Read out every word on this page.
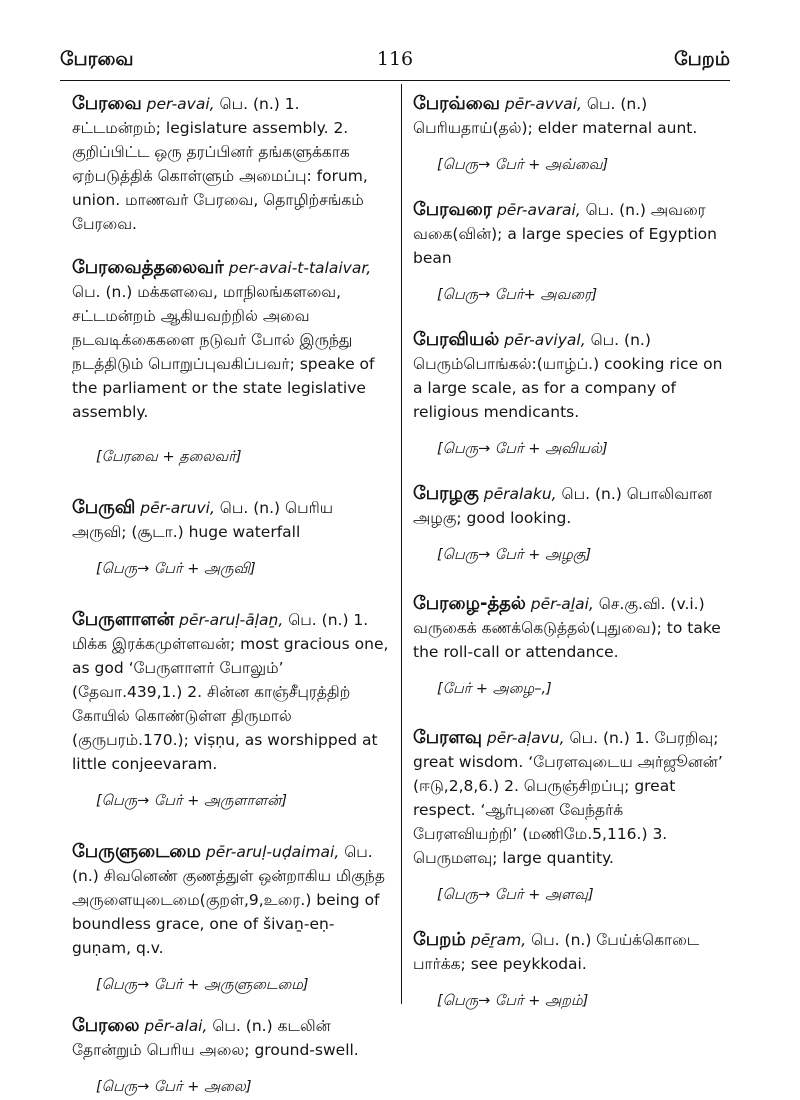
116
பேரவை	பேறம்

பேரவை per-avai, பெ. (n.) 1. சட்டமன்றம்; legislature assembly. 2. குறிப்பிட்ட ஒரு தரப்பினர் தங்களுக்காக ஏற்படுத்திக் கொள்ளும் அமைப்பு: forum, union. மாணவர் பேரவை, தொழிற்சங்கம் பேரவை.

பேரவைத்தலைவர் per-avai-t-talaivar, பெ. (n.) மக்களவை, மாநிலங்களவை, சட்டமன்றம் ஆகியவற்றில் அவை நடவடிக்கைகளை நடுவர் போல் இருந்து நடத்திடும் பொறுப்புவகிப்பவர்; speake of the parliament or the state legislative assembly.

[பேரவை + தலைவர்]

பேருவி pēr-aruvi, பெ. (n.) பெரிய அருவி; (சூடா.) huge waterfall

[பெரு→ பேர் + அருவி]

பேருளாளன் pēr-aruḷ-āḷaṉ, பெ. (n.) 1. மிக்க இரக்கமுள்ளவன்; most gracious one, as god ‘பேருளாளர் போலும்’ (தேவா.439,1.) 2. சின்ன காஞ்சீபுரத்திற் கோயில் கொண்டுள்ள திருமால் (குருபரம்.170.); viṣṇu, as worshipped at little conjeevaram.

[பெரு→ பேர் + அருளாளன்]

பேருளுடைமை pēr-aruḷ-uḍaimai, பெ. (n.) சிவனெண் குணத்துள் ஒன்றாகிய மிகுந்த அருளையுடைமை(குறள்,9,உரை.) being of boundless grace, one of šivaṉ-eṇ-guṇam, q.v.

[பெரு→ பேர் + அருளுடைமை]

பேரலை pēr-alai, பெ. (n.) கடலின் தோன்றும் பெரிய அலை; ground-swell.

[பெரு→ பேர் + அலை]

பேரவ்வை pēr-avvai, பெ. (n.) பெரியதாய்(தல்); elder maternal aunt.

[பெரு→ பேர் + அவ்வை]

பேரவரை pēr-avarai, பெ. (n.) அவரை வகை(வின்); a large species of Egyption bean

[பெரு→ பேர்+ அவரை]

பேரவியல் pēr-aviyal, பெ. (n.) பெரும்பொங்கல்:(யாழ்ப்.) cooking rice on a large scale, as for a company of religious mendicants.

[பெரு→ பேர் + அவியல்]

பேரழகு pēralaku, பெ. (n.) பொலிவான அழகு; good looking.

[பெரு→ பேர் + அழகு]

பேரழை-த்தல் pēr-aḻai, செ.கு.வி. (v.i.) வருகைக் கணக்கெடுத்தல்(புதுவை); to take the roll-call or attendance.

[பேர் + அழை–,]

பேரளவு pēr-aḷavu, பெ. (n.) 1. பேரறிவு; great wisdom. ‘பேரளவுடைய அர்ஜூனன்’ (ஈடு,2,8,6.) 2. பெருஞ்சிறப்பு; great respect. ‘ஆர்புனை வேந்தர்க் பேரளவியற்றி’ (மணிமே.5,116.) 3. பெருமளவு; large quantity.

[பெரு→ பேர் + அளவு]

பேறம் pēṟam, பெ. (n.) பேய்க்கொடை பார்க்க; see peykkodai.

[பெரு→ பேர் + அறம்]
